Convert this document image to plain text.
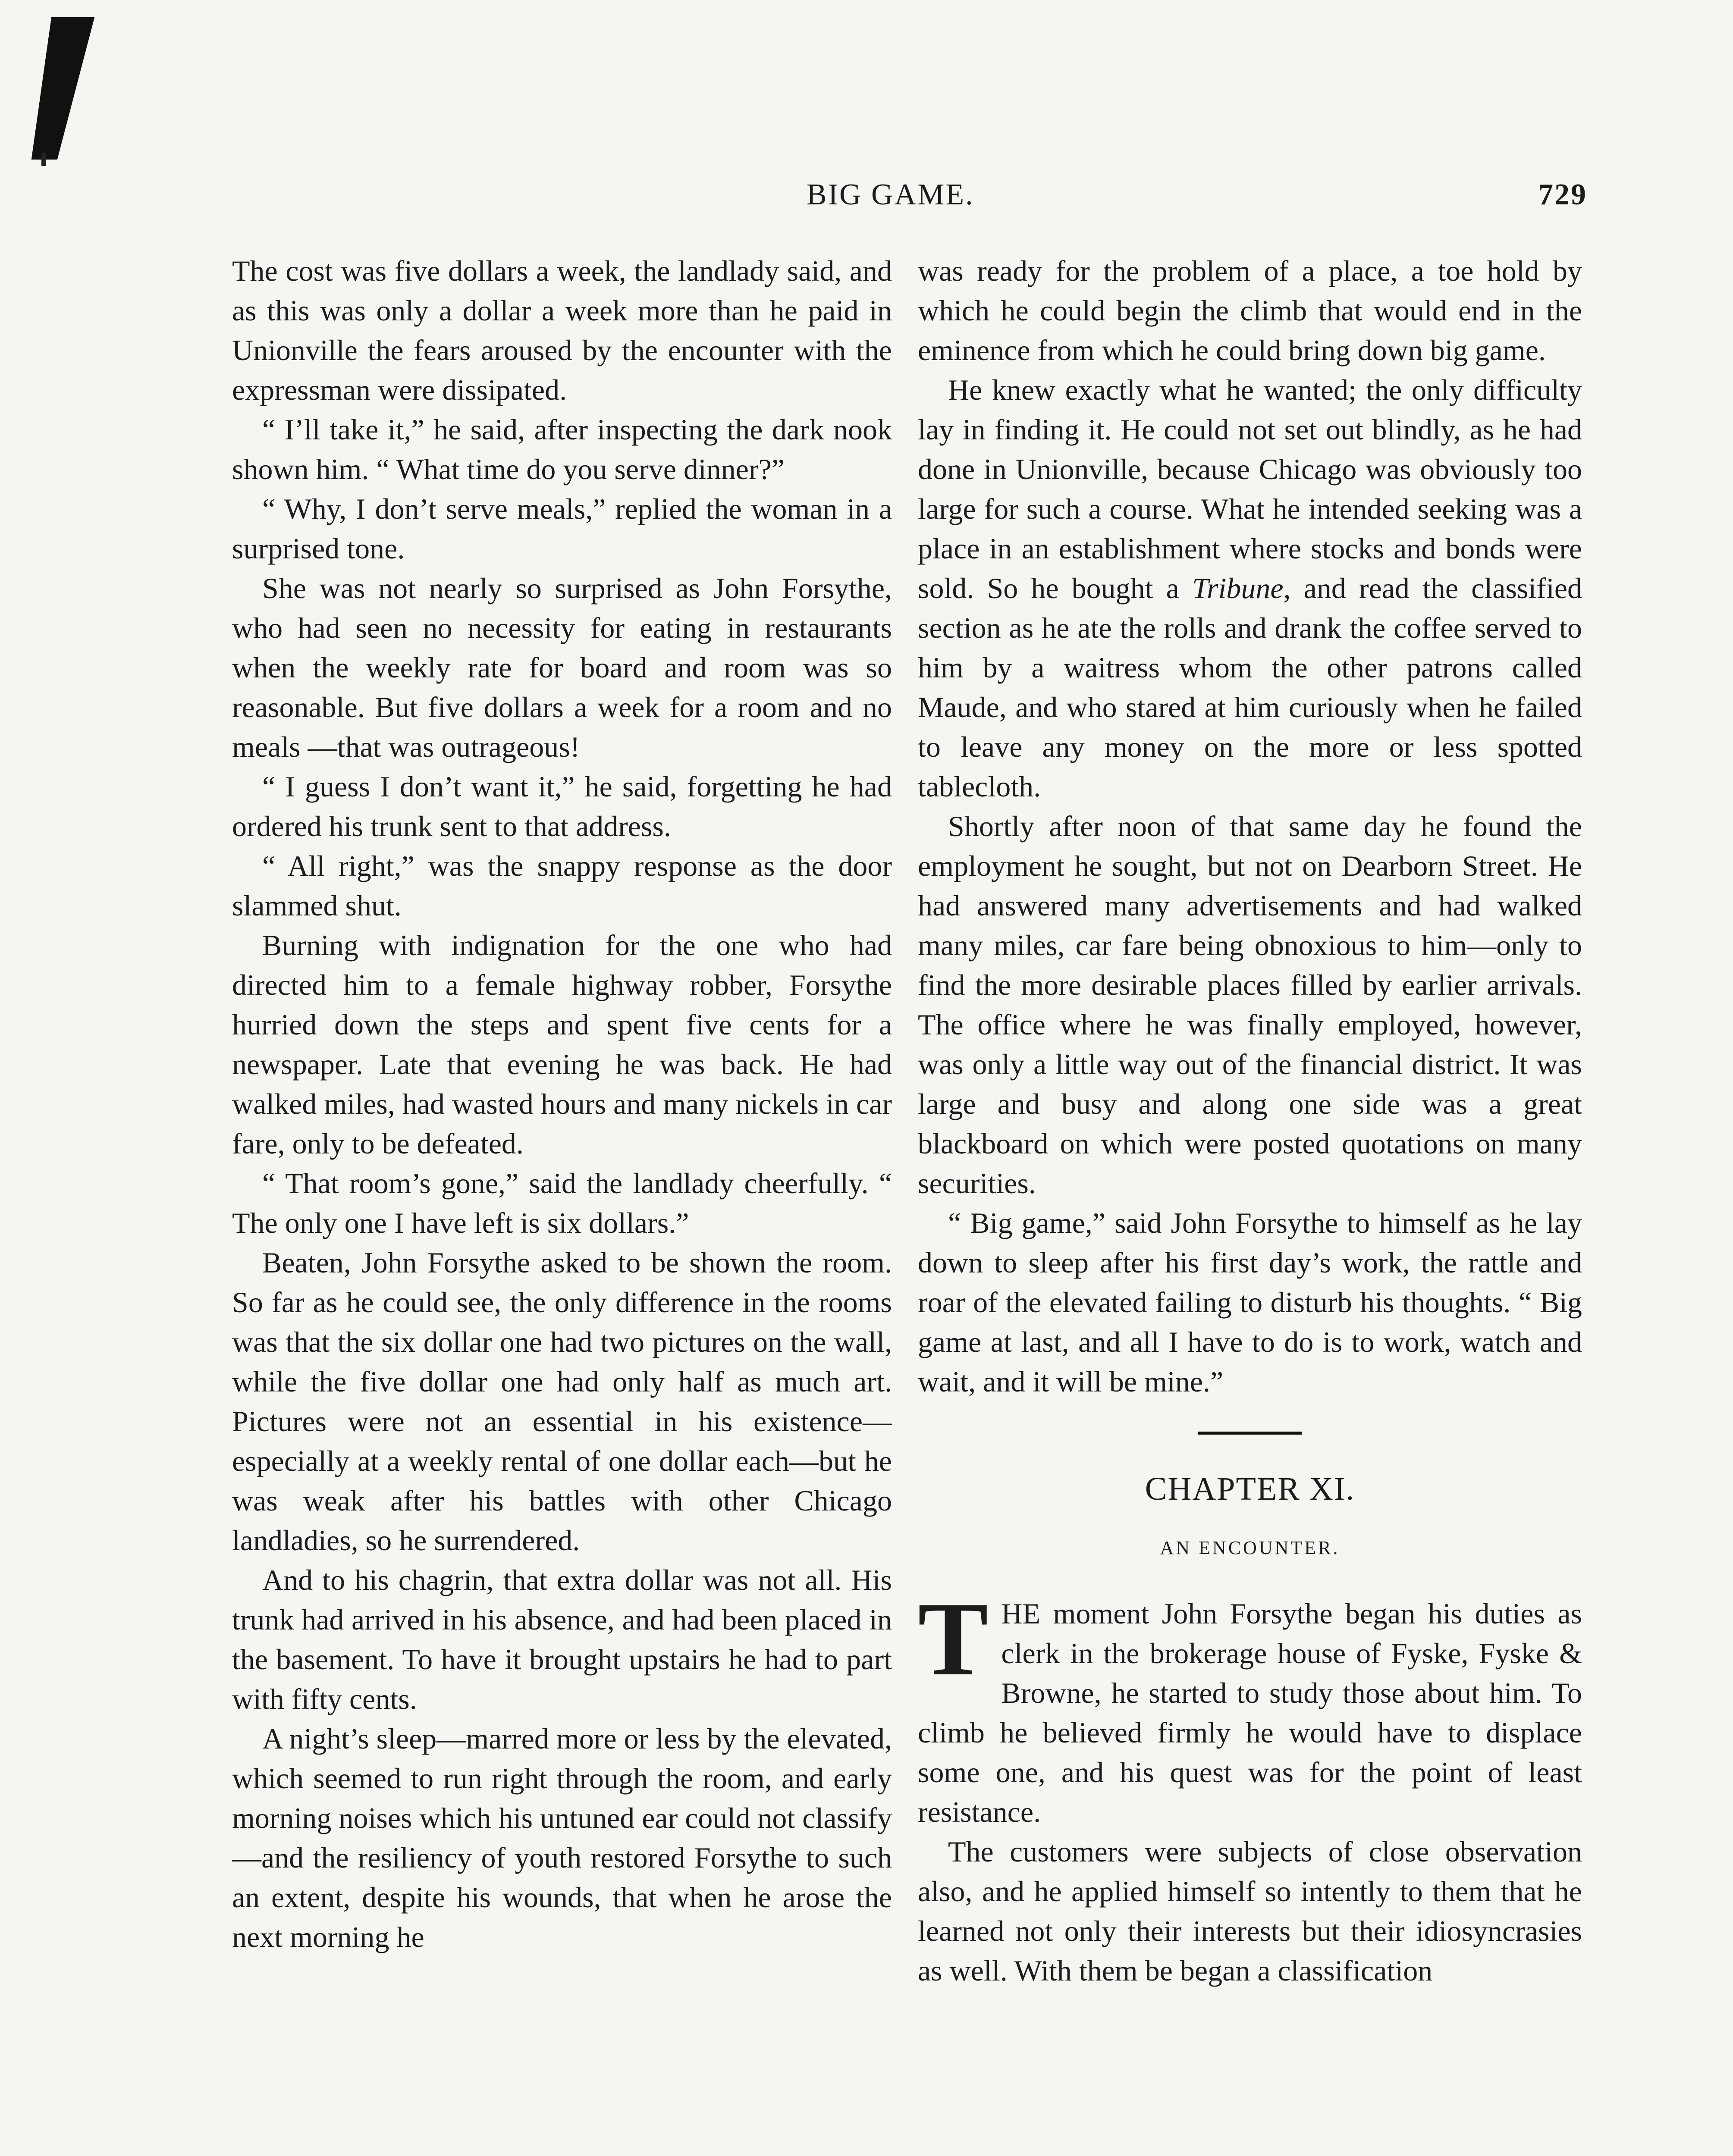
BIG GAME.	729

The cost was five dollars a week, the landlady said, and as this was only a dollar a week more than he paid in Unionville the fears aroused by the encounter with the expressman were dissipated.

“ I’ll take it,” he said, after inspecting the dark nook shown him. “ What time do you serve dinner?”

“ Why, I don’t serve meals,” replied the woman in a surprised tone.

She was not nearly so surprised as John Forsythe, who had seen no necessity for eating in restaurants when the weekly rate for board and room was so reasonable. But five dollars a week for a room and no meals —that was outrageous!

“ I guess I don’t want it,” he said, forgetting he had ordered his trunk sent to that address.

“ All right,” was the snappy response as the door slammed shut.

Burning with indignation for the one who had directed him to a female highway robber, Forsythe hurried down the steps and spent five cents for a newspaper. Late that evening he was back. He had walked miles, had wasted hours and many nickels in car fare, only to be defeated.

“ That room’s gone,” said the landlady cheerfully. “ The only one I have left is six dollars.”

Beaten, John Forsythe asked to be shown the room. So far as he could see, the only difference in the rooms was that the six dollar one had two pictures on the wall, while the five dollar one had only half as much art. Pictures were not an essential in his existence—especially at a weekly rental of one dollar each—but he was weak after his battles with other Chicago landladies, so he surrendered.

And to his chagrin, that extra dollar was not all. His trunk had arrived in his absence, and had been placed in the basement. To have it brought upstairs he had to part with fifty cents.

A night’s sleep—marred more or less by the elevated, which seemed to run right through the room, and early morning noises which his untuned ear could not classify—and the resiliency of youth restored Forsythe to such an extent, despite his wounds, that when he arose the next morning he

was ready for the problem of a place, a toe hold by which he could begin the climb that would end in the eminence from which he could bring down big game.

He knew exactly what he wanted; the only difficulty lay in finding it. He could not set out blindly, as he had done in Unionville, because Chicago was obviously too large for such a course. What he intended seeking was a place in an establishment where stocks and bonds were sold. So he bought a Tribune, and read the classified section as he ate the rolls and drank the coffee served to him by a waitress whom the other patrons called Maude, and who stared at him curiously when he failed to leave any money on the more or less spotted tablecloth.

Shortly after noon of that same day he found the employment he sought, but not on Dearborn Street. He had answered many advertisements and had walked many miles, car fare being obnoxious to him—only to find the more desirable places filled by earlier arrivals. The office where he was finally employed, however, was only a little way out of the financial district. It was large and busy and along one side was a great blackboard on which were posted quotations on many securities.

“ Big game,” said John Forsythe to himself as he lay down to sleep after his first day’s work, the rattle and roar of the elevated failing to disturb his thoughts. “ Big game at last, and all I have to do is to work, watch and wait, and it will be mine.”

CHAPTER XI.
AN ENCOUNTER.

THE moment John Forsythe began his duties as clerk in the brokerage house of Fyske, Fyske & Browne, he started to study those about him. To climb he believed firmly he would have to displace some one, and his quest was for the point of least resistance.

The customers were subjects of close observation also, and he applied himself so intently to them that he learned not only their interests but their idiosyncrasies as well. With them be began a classification
